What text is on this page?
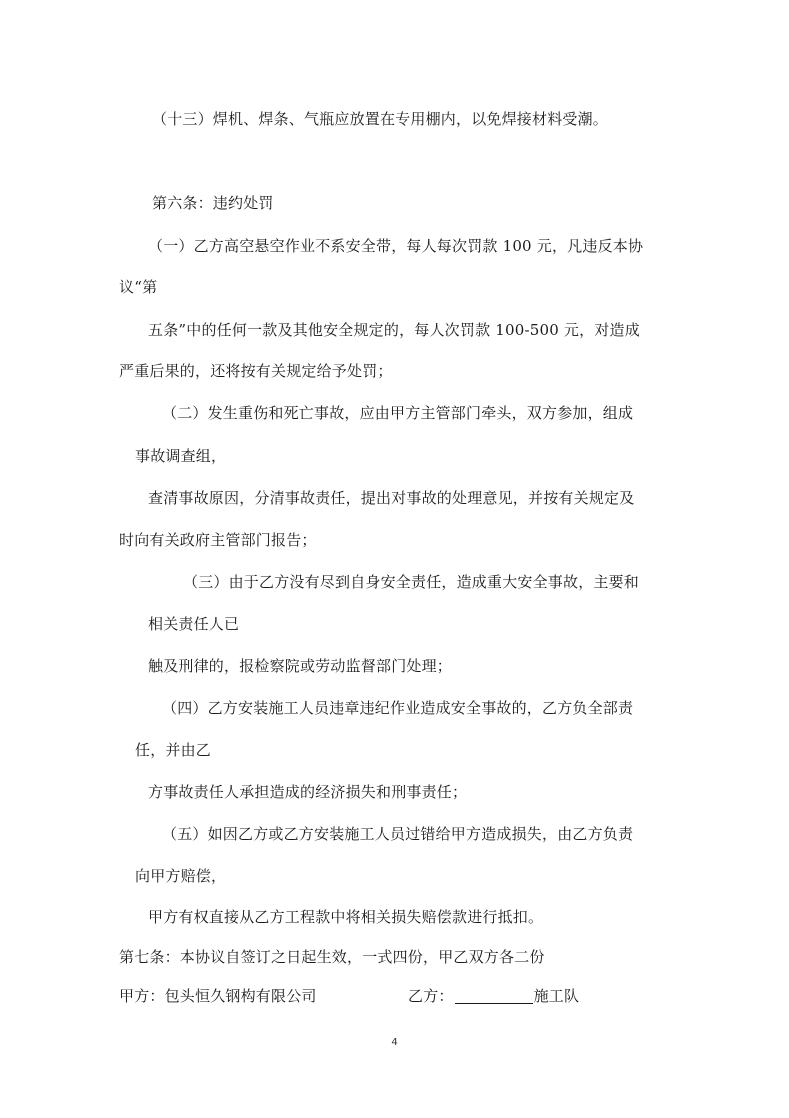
（十三）焊机、焊条、气瓶应放置在专用棚内，以免焊接材料受潮。
第六条：违约处罚
（一）乙方高空悬空作业不系安全带，每人每次罚款 100 元，凡违反本协
议“第
五条”中的任何一款及其他安全规定的，每人次罚款 100-500 元，对造成
严重后果的，还将按有关规定给予处罚；
（二）发生重伤和死亡事故，应由甲方主管部门牵头，双方参加，组成
事故调查组，
查清事故原因，分清事故责任，提出对事故的处理意见，并按有关规定及
时向有关政府主管部门报告；
（三）由于乙方没有尽到自身安全责任，造成重大安全事故，主要和
相关责任人已
触及刑律的，报检察院或劳动监督部门处理；
（四）乙方安装施工人员违章违纪作业造成安全事故的，乙方负全部责
任，并由乙
方事故责任人承担造成的经济损失和刑事责任；
（五）如因乙方或乙方安装施工人员过错给甲方造成损失，由乙方负责
向甲方赔偿，
甲方有权直接从乙方工程款中将相关损失赔偿款进行抵扣。
第七条：本协议自签订之日起生效，一式四份，甲乙双方各二份
甲方：包头恒久钢构有限公司	乙方：	施工队
4
